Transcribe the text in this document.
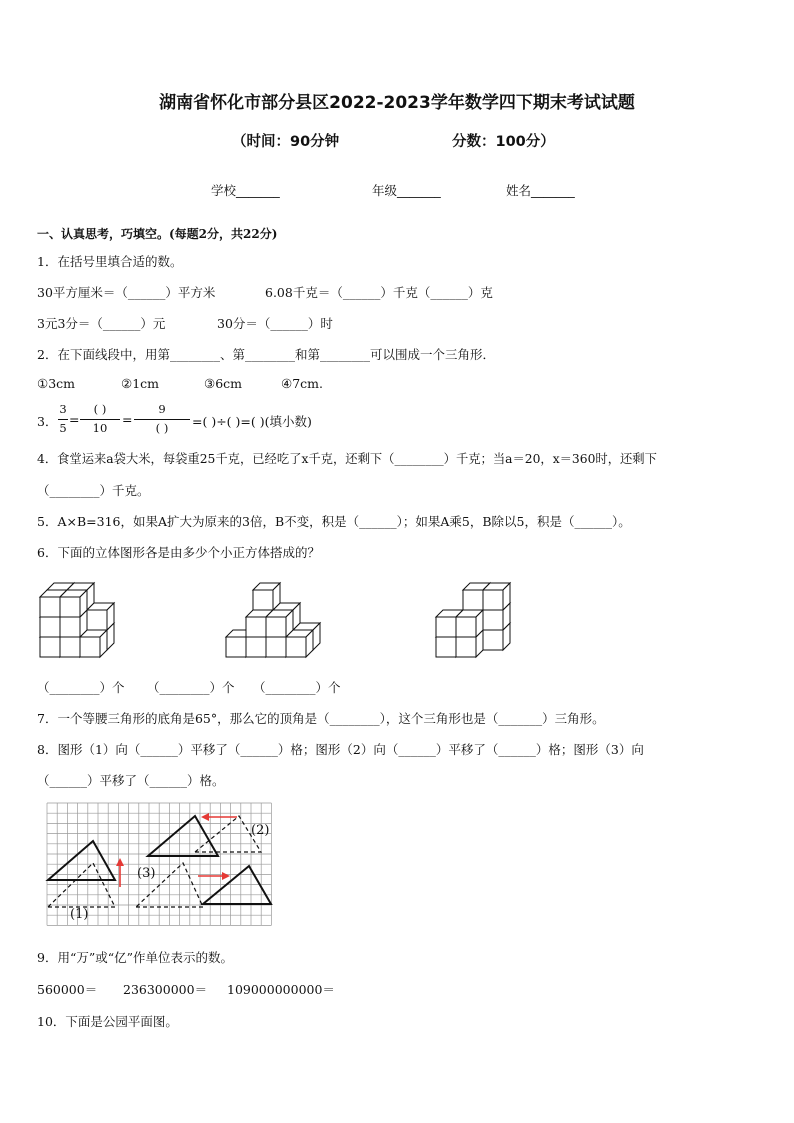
湖南省怀化市部分县区2022-2023学年数学四下期末考试试题
（时间：90分钟	分数：100分）
学校_______	年级_______	姓名_______
一、认真思考，巧填空。(每题2分，共22分)
1．在括号里填合适的数。
30平方厘米＝（______）平方米	6.08千克＝（______）千克（______）克
3元3分＝（______）元	30分＝（______）时
2．在下面线段中，用第________、第________和第________可以围成一个三角形．
①3cm	②1cm	③6cm	④7cm.
3．
3
5
=
( )
10
=
9
( )	=( )÷( )=( )(填小数)
4．食堂运来a袋大米，每袋重25千克，已经吃了x千克，还剩下（________）千克；当a＝20，x＝360时，还剩下
（________）千克。
5．A×B=316，如果A扩大为原来的3倍，B不变，积是（______）；如果A乘5，B除以5，积是（______）。
6．下面的立体图形各是由多少个小正方体搭成的？
（________）个 （________）个 （________）个
7．一个等腰三角形的底角是65°，那么它的顶角是（________），这个三角形也是（_______）三角形。
8．图形（1）向（______）平移了（______）格；图形（2）向（______）平移了（______）格；图形（3）向
（______）平移了（______）格。
(1)
(2)
(3)
9．用“万”或“亿”作单位表示的数。
560000＝ 236300000＝ 109000000000＝
10．下面是公园平面图。
